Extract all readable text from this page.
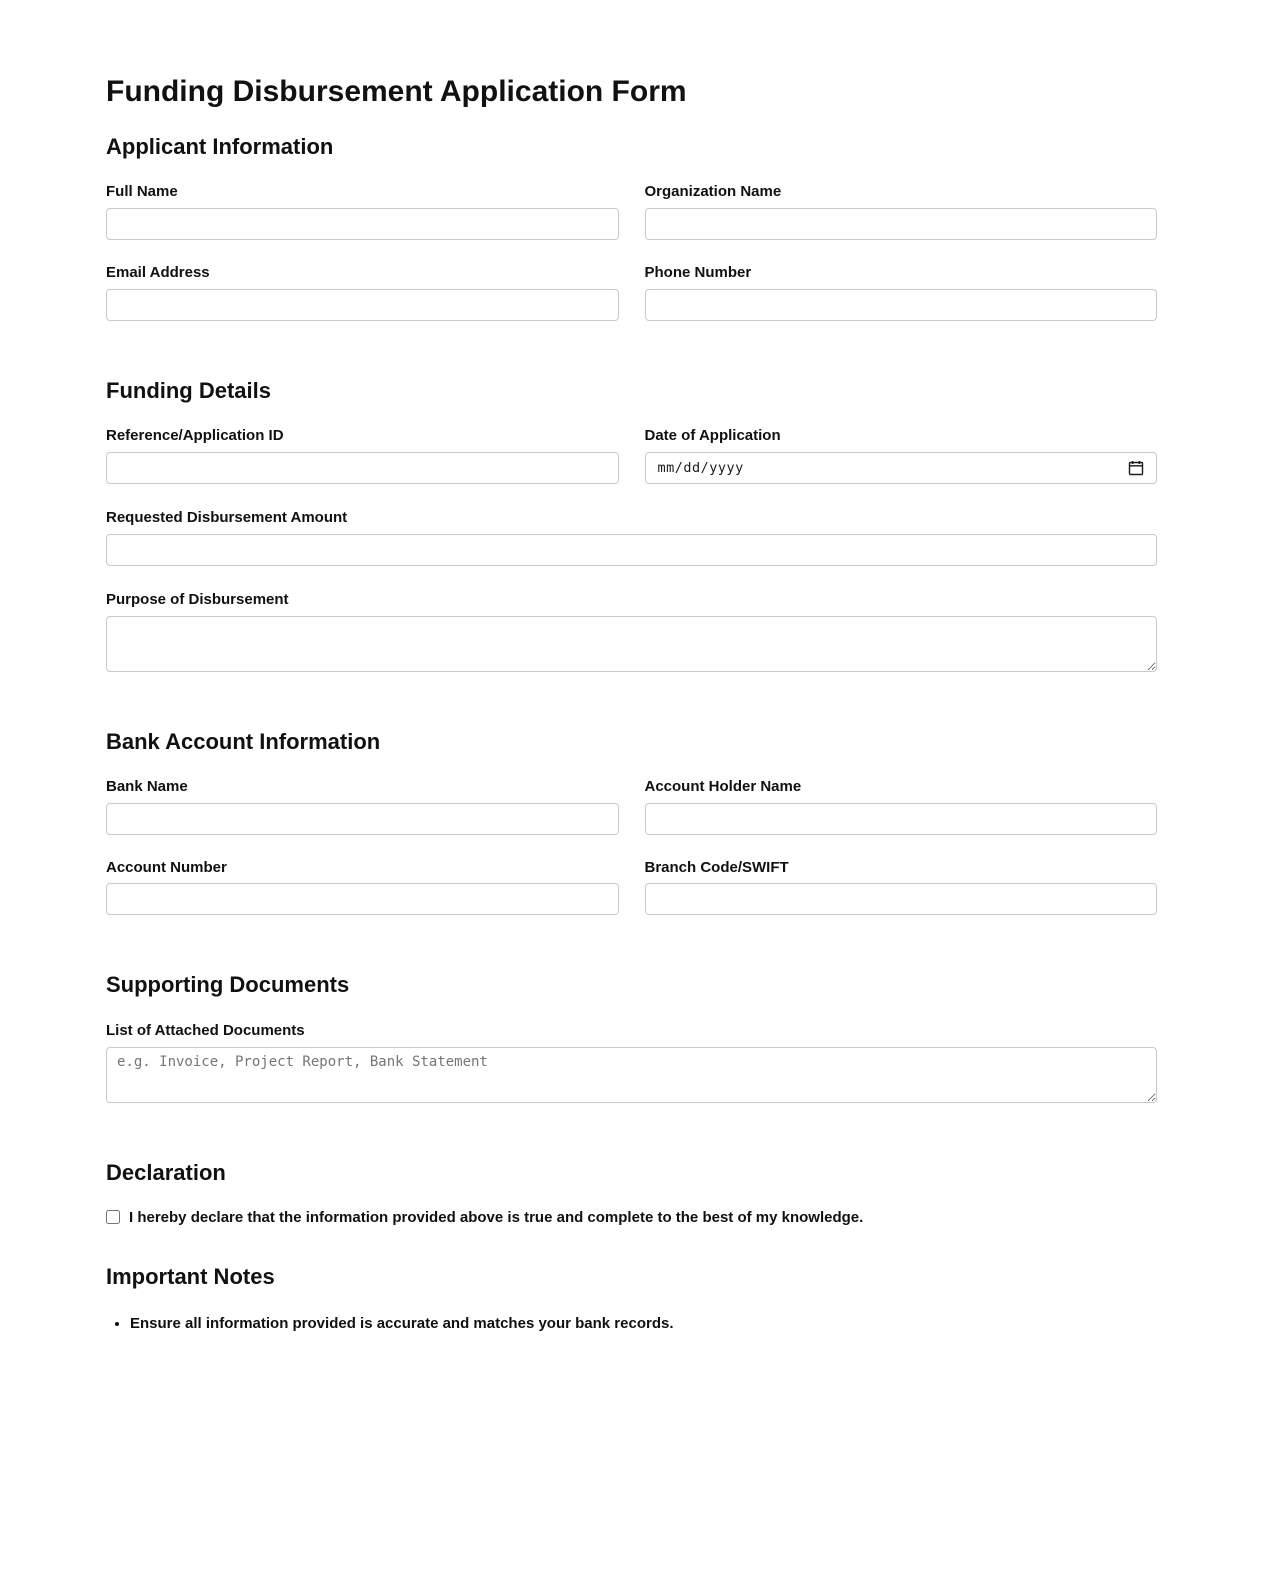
Funding Disbursement Application Form
Applicant Information
Full Name	Organization Name
Email Address	Phone Number
Funding Details
Reference/Application ID	Date of Application
mm/dd/yyyy
Requested Disbursement Amount
Purpose of Disbursement
Bank Account Information
Bank Name	Account Holder Name
Account Number	Branch Code/SWIFT
Supporting Documents
List of Attached Documents
e.g. Invoice, Project Report, Bank Statement
Declaration
I hereby declare that the information provided above is true and complete to the best of my knowledge.
Important Notes
• Ensure all information provided is accurate and matches your bank records.
